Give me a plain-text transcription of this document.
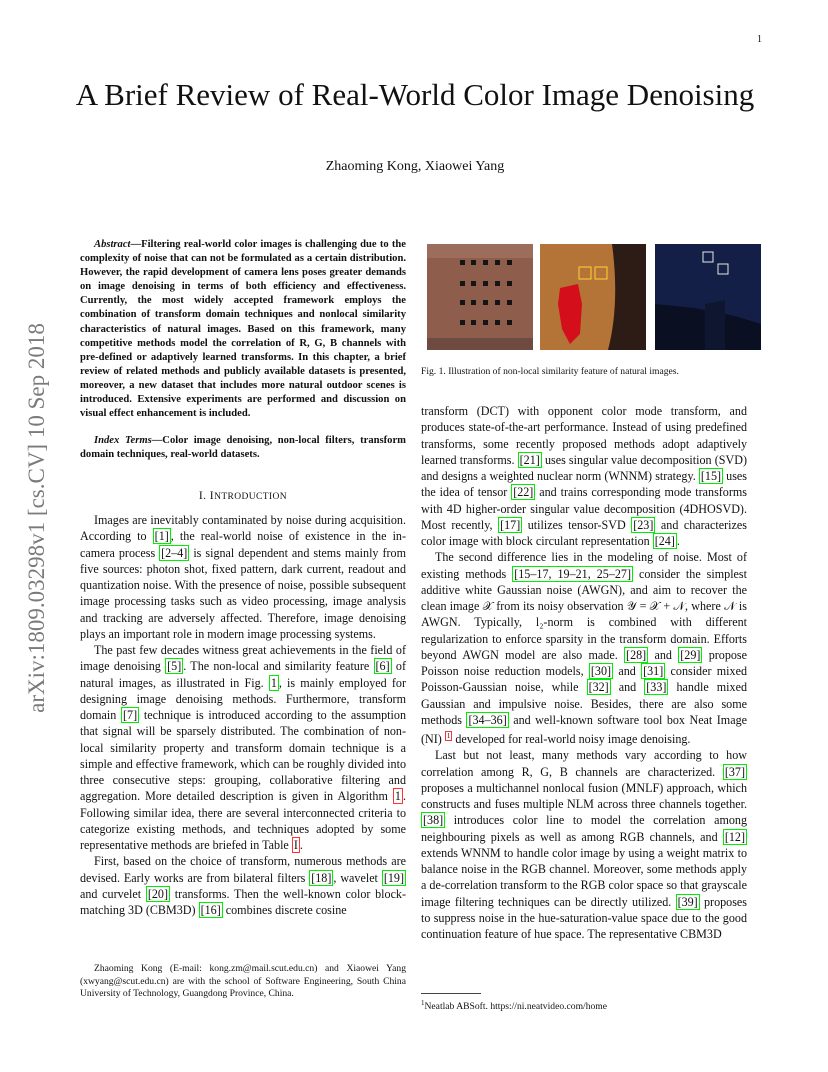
1
A Brief Review of Real-World Color Image Denoising
Zhaoming Kong, Xiaowei Yang
arXiv:1809.03298v1 [cs.CV] 10 Sep 2018
Abstract—Filtering real-world color images is challenging due to the complexity of noise that can not be formulated as a certain distribution. However, the rapid development of camera lens poses greater demands on image denoising in terms of both efficiency and effectiveness. Currently, the most widely accepted framework employs the combination of transform domain techniques and nonlocal similarity characteristics of natural images. Based on this framework, many competitive methods model the correlation of R, G, B channels with pre-defined or adaptively learned transforms. In this chapter, a brief review of related methods and publicly available datasets is presented, moreover, a new dataset that includes more natural outdoor scenes is introduced. Extensive experiments are performed and discussion on visual effect enhancement is included.
Index Terms—Color image denoising, non-local filters, transform domain techniques, real-world datasets.
I. INTRODUCTION

Images are inevitably contaminated by noise during acquisition. According to [1] , the real-world noise of existence in the in-camera process [2–4] is signal dependent and stems mainly from five sources: photon shot, fixed pattern, dark current, readout and quantization noise. With the presence of noise, possible subsequent image processing tasks such as video processing, image analysis and tracking are adversely affected. Therefore, image denoising plays an important role in modern image processing systems.

The past few decades witness great achievements in the field of image denoising [5] . The non-local and similarity feature [6] of natural images, as illustrated in Fig. 1 , is mainly employed for designing image denoising methods. Furthermore, transform domain [7] technique is introduced according to the assumption that signal will be sparsely distributed. The combination of non-local similarity property and transform domain technique is a simple and effective framework, which can be roughly divided into three consecutive steps: grouping, collaborative filtering and aggregation. More detailed description is given in Algorithm 1 . Following similar idea, there are several interconnected criteria to categorize existing methods, and techniques adopted by some representative methods are briefed in Table I .

First, based on the choice of transform, numerous methods are devised. Early works are from bilateral filters [18] , wavelet [19] and curvelet [20] transforms. Then the well-known color block-matching 3D (CBM3D) [16] combines discrete cosine

Zhaoming Kong (E-mail: kong.zm@mail.scut.edu.cn) and Xiaowei Yang (xwyang@scut.edu.cn) are with the school of Software Engineering, South China University of Technology, Guangdong Province, China.
Fig. 1. Illustration of non-local similarity feature of natural images.

transform (DCT) with opponent color mode transform, and produces state-of-the-art performance. Instead of using predefined transforms, some recently proposed methods adopt adaptively learned transforms. [21] uses singular value decomposition (SVD) and designs a weighted nuclear norm (WNNM) strategy. [15] uses the idea of tensor [22] and trains corresponding mode transforms with 4D higher-order singular value decomposition (4DHOSVD). Most recently, [17] utilizes tensor-SVD [23] and characterizes color image with block circulant representation [24] .

The second difference lies in the modeling of noise. Most of existing methods [15–17, 19–21, 25–27] consider the simplest additive white Gaussian noise (AWGN), and aim to recover the clean image 𝒳 from its noisy observation 𝒴 = 𝒳 + 𝒩, where 𝒩 is AWGN. Typically, l₂-norm is combined with different regularization to enforce sparsity in the transform domain. Efforts beyond AWGN model are also made. [28] and [29] propose Poisson noise reduction models, [30] and [31] consider mixed Poisson-Gaussian noise, while [32] and [33] handle mixed Gaussian and impulsive noise. Besides, there are also some methods [34–36] and well-known software tool box Neat Image (NI) $^1$ developed for real-world noisy image denoising.

Last but not least, many methods vary according to how correlation among R, G, B channels are characterized. [37] proposes a multichannel nonlocal fusion (MNLF) approach, which constructs and fuses multiple NLM across three channels together. [38] introduces color line to model the correlation among neighbouring pixels as well as among RGB channels, and [12] extends WNNM to handle color image by using a weight matrix to balance noise in the RGB channel. Moreover, some methods apply a de-correlation transform to the RGB color space so that grayscale image filtering techniques can be directly utilized. [39] proposes to suppress noise in the hue-saturation-value space due to the good continuation feature of hue space. The representative CBM3D

$^1$Neatlab ABSoft. https://ni.neatvideo.com/home
